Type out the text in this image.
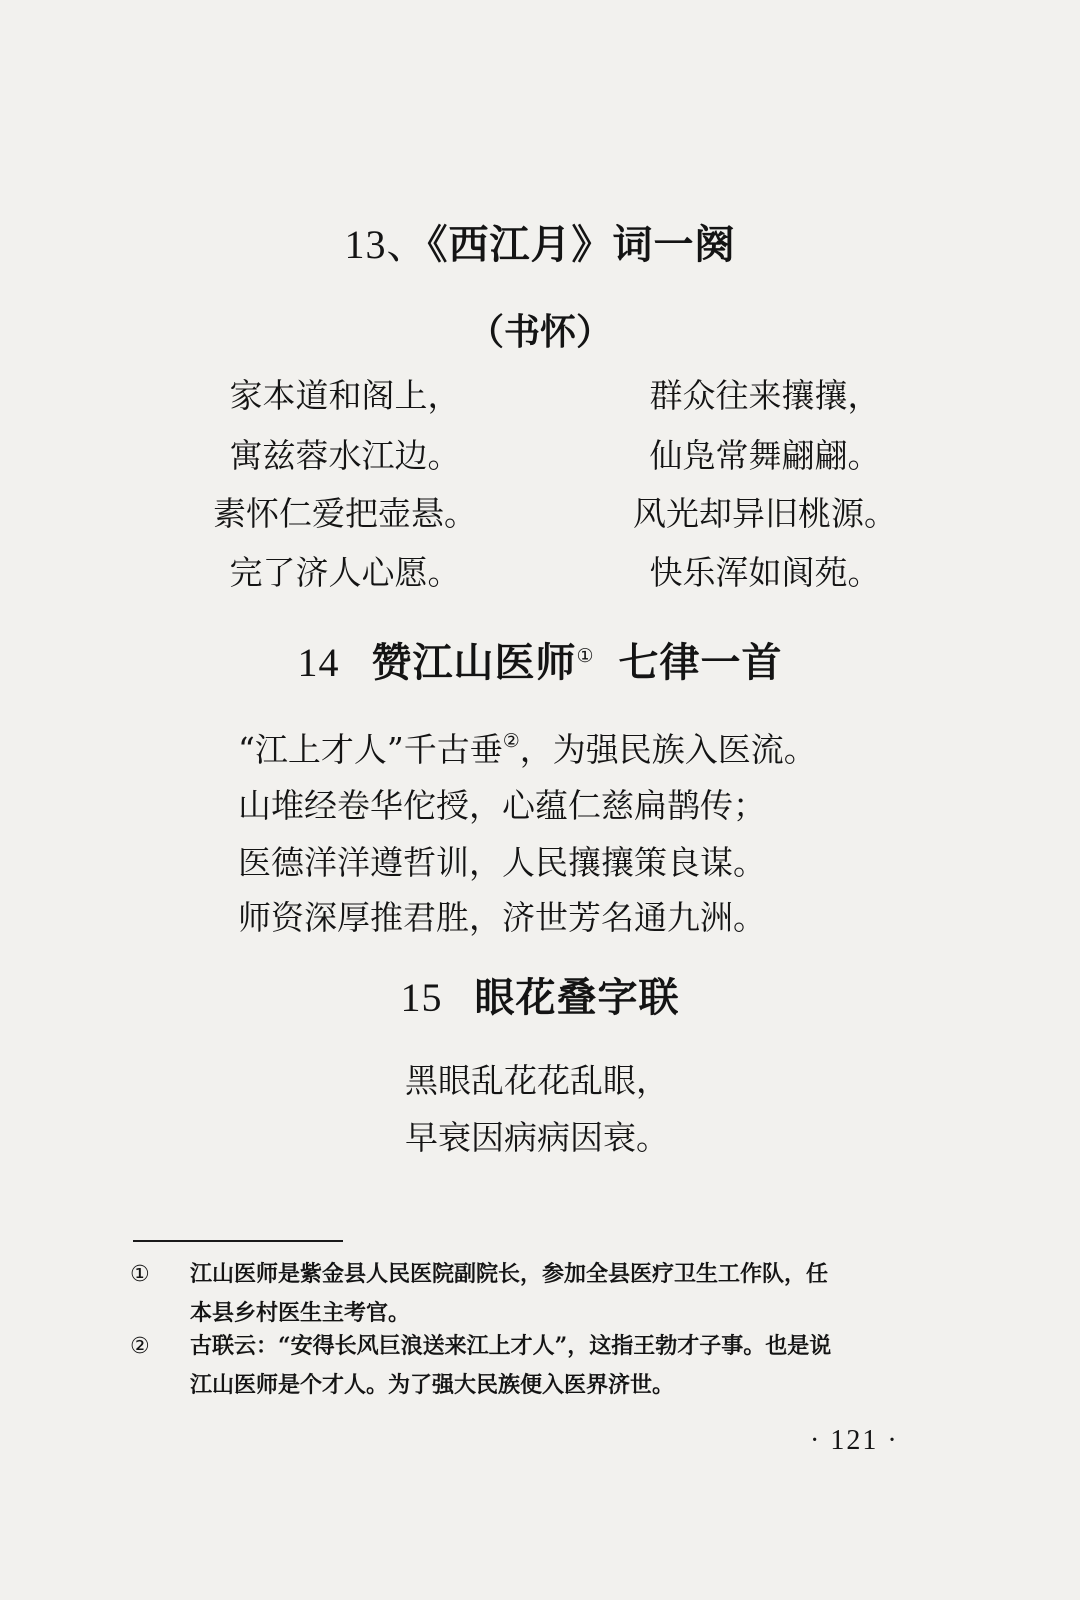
13、《西江月》词一阕
（书怀）
家本道和阁上，
寓兹蓉水江边。
素怀仁爱把壶悬。
完了济人心愿。
群众往来攘攘，
仙凫常舞翩翩。
风光却异旧桃源。
快乐浑如阆苑。
14 赞江山医师① 七律一首
“江上才人”千古垂②，为强民族入医流。
山堆经卷华佗授，心蕴仁慈扁鹊传；
医德洋洋遵哲训，人民攘攘策良谋。
师资深厚推君胜，济世芳名通九洲。
15 眼花叠字联
黑眼乱花花乱眼，
早衰因病病因衰。
① 江山医师是紫金县人民医院副院长，参加全县医疗卫生工作队，任
本县乡村医生主考官。
② 古联云：“安得长风巨浪送来江上才人”，这指王勃才子事。也是说
江山医师是个才人。为了强大民族便入医界济世。
· 121 ·
